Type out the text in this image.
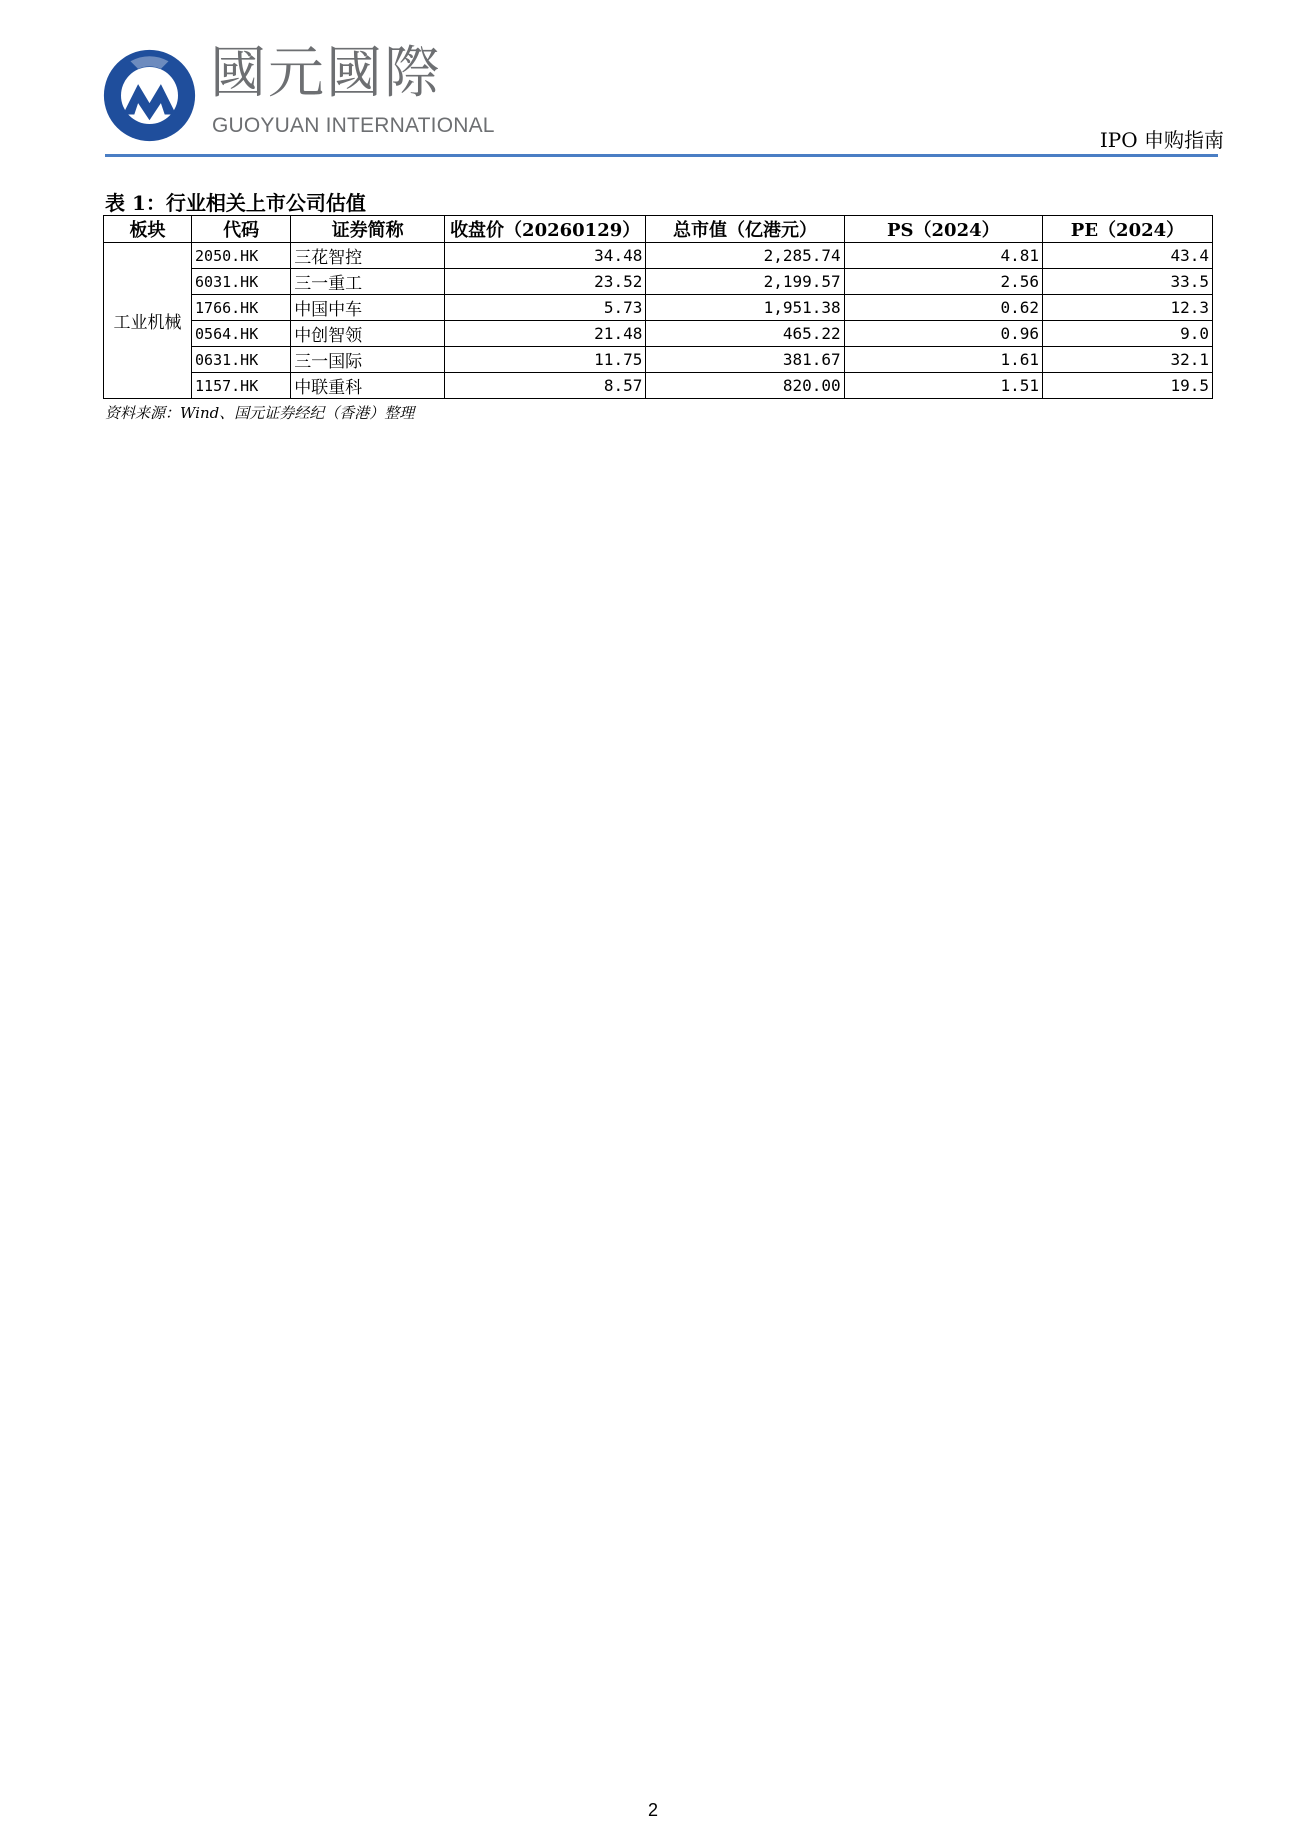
國元國際
GUOYUAN INTERNATIONAL
IPO 申购指南
表 1：行业相关上市公司估值
板块	代码	证券简称	收盘价（20260129）	总市值（亿港元）	PS（2024）	PE（2024）
工业机械	2050.HK	三花智控	34.48	2,285.74	4.81	43.4
	6031.HK	三一重工	23.52	2,199.57	2.56	33.5
	1766.HK	中国中车	5.73	1,951.38	0.62	12.3
	0564.HK	中创智领	21.48	465.22	0.96	9.0
	0631.HK	三一国际	11.75	381.67	1.61	32.1
	1157.HK	中联重科	8.57	820.00	1.51	19.5
资料来源：Wind、国元证券经纪（香港）整理
2
